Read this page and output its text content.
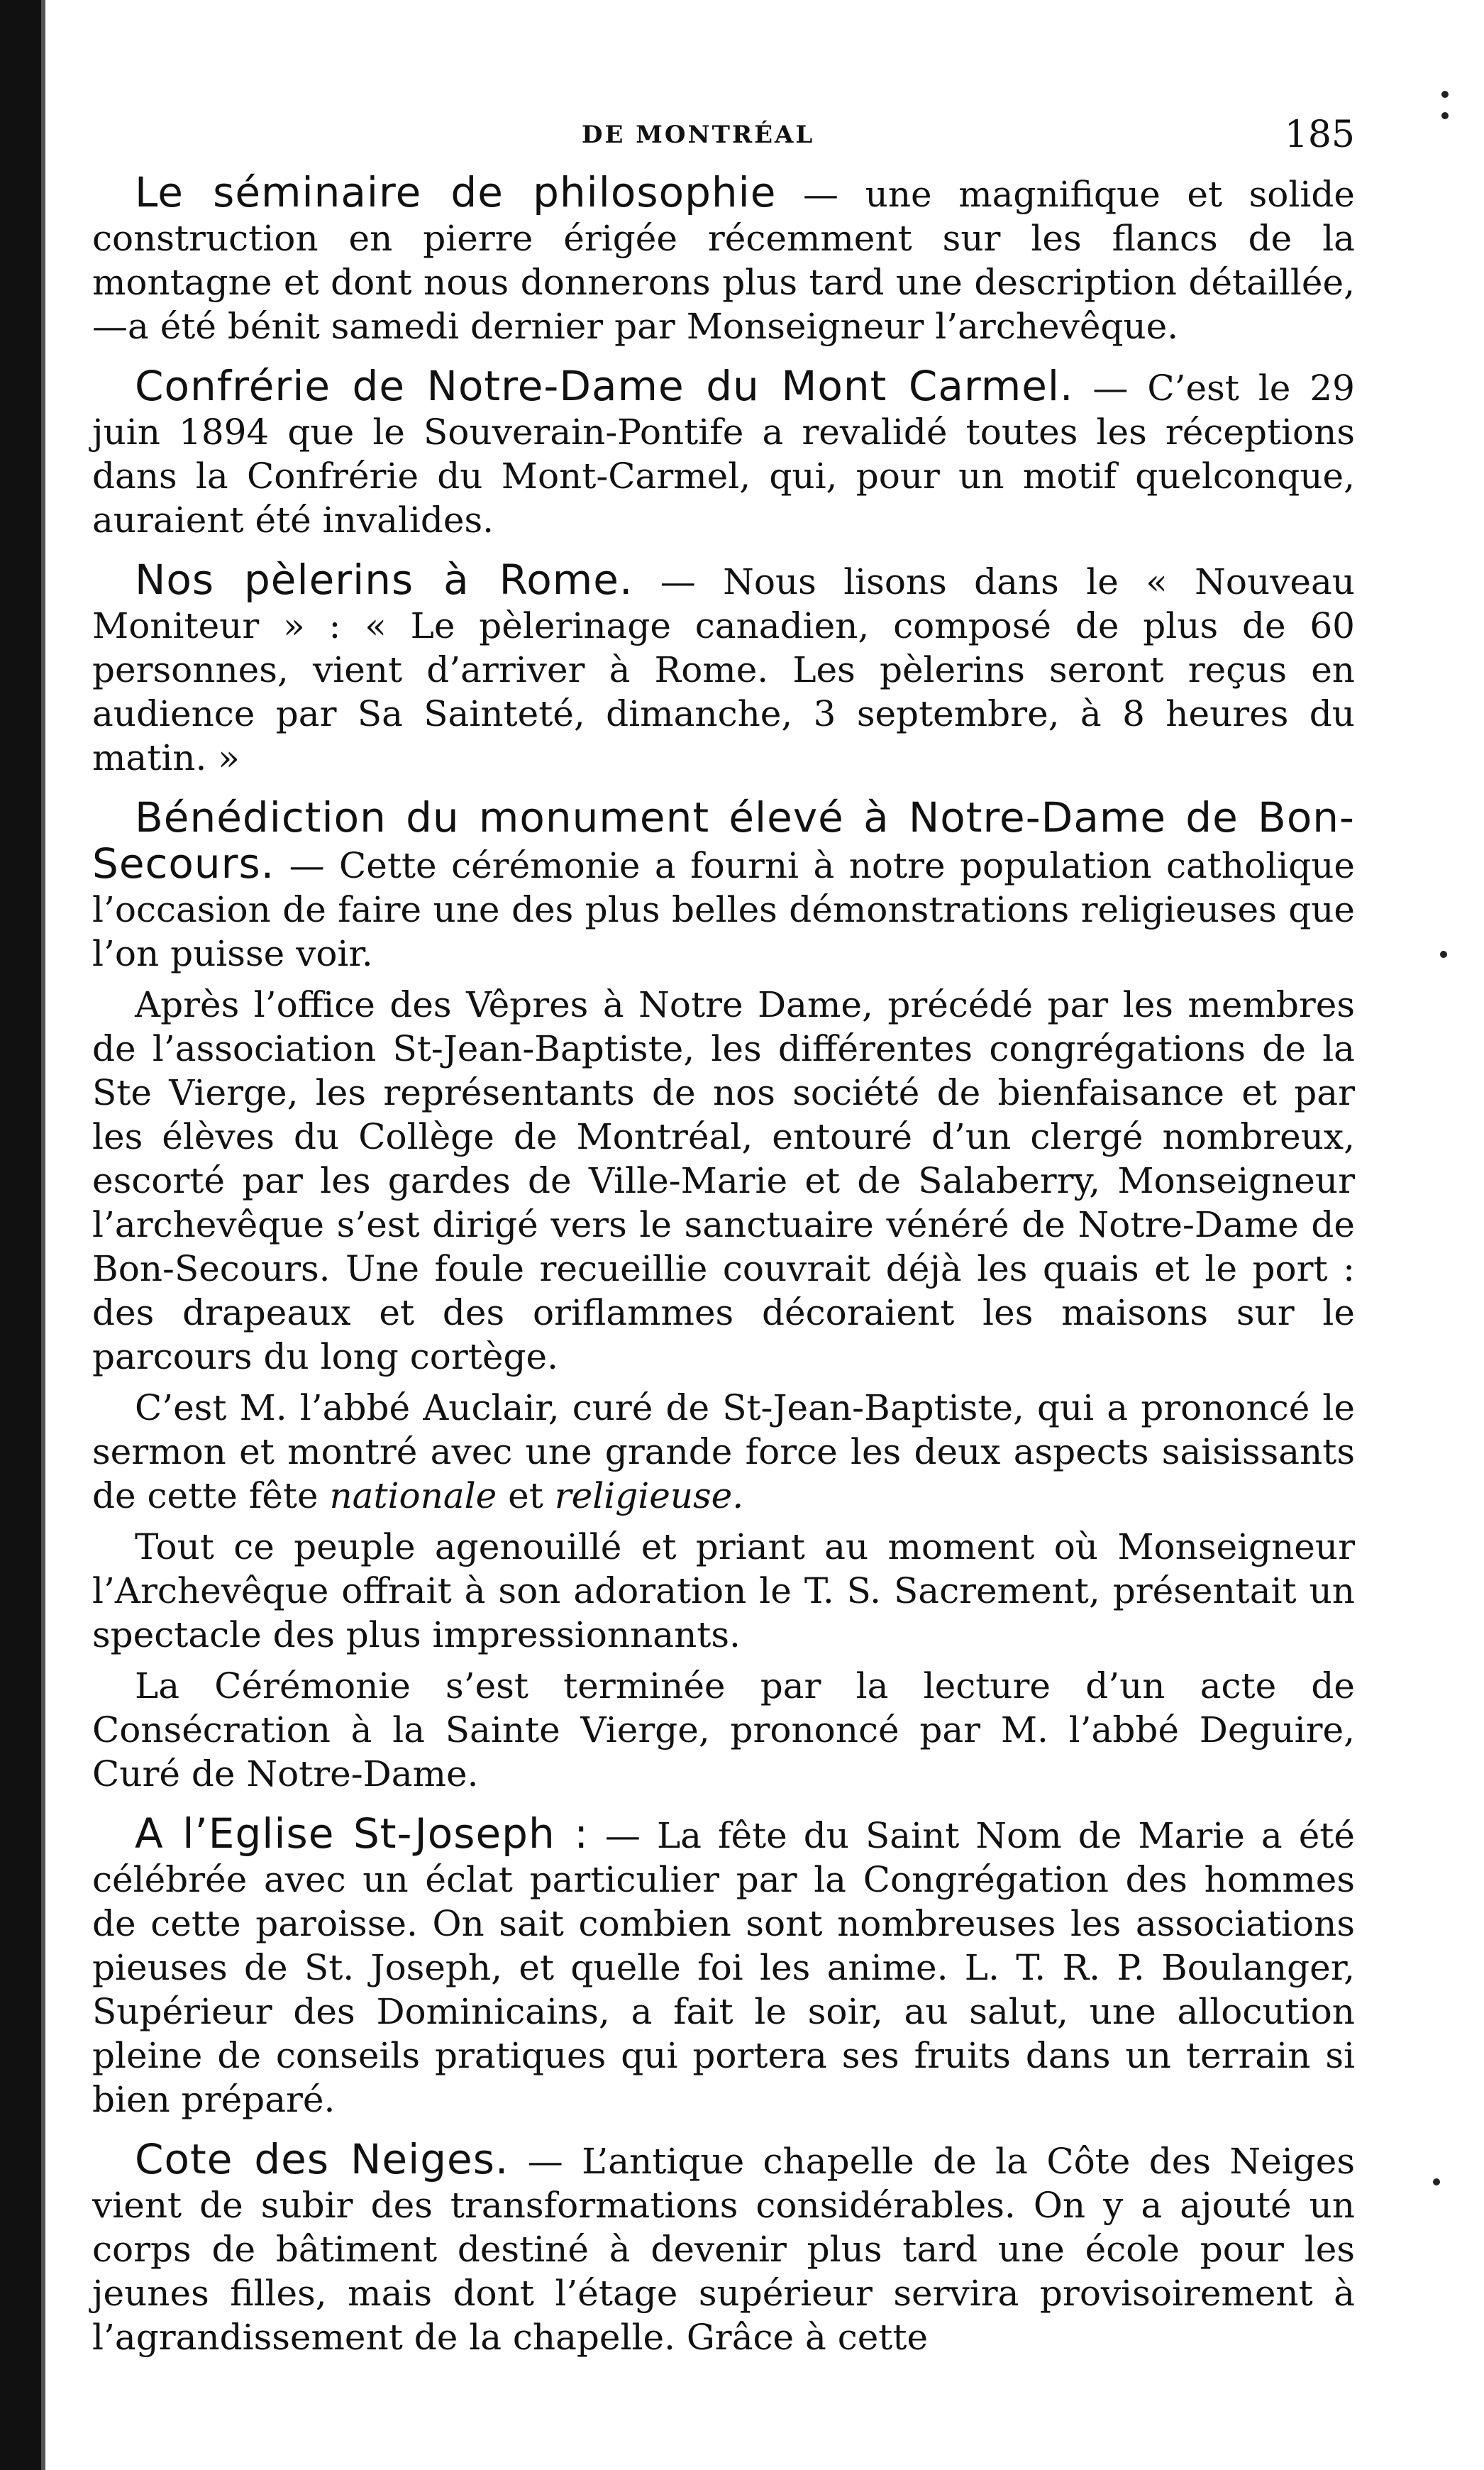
DE MONTRÉAL	185

Le séminaire de philosophie — une magnifique et solide construction en pierre érigée récemment sur les flancs de la montagne et dont nous donnerons plus tard une description détaillée, —a été bénit samedi dernier par Monseigneur l’archevêque.

Confrérie de Notre-Dame du Mont Carmel. — C’est le 29 juin 1894 que le Souverain-Pontife a revalidé toutes les réceptions dans la Confrérie du Mont-Carmel, qui, pour un motif quelconque, auraient été invalides.

Nos pèlerins à Rome. — Nous lisons dans le « Nouveau Moniteur » : « Le pèlerinage canadien, composé de plus de 60 personnes, vient d’arriver à Rome. Les pèlerins seront reçus en audience par Sa Sainteté, dimanche, 3 septembre, à 8 heures du matin. »

Bénédiction du monument élevé à Notre-Dame de Bon-Secours. — Cette cérémonie a fourni à notre population catholique l’occasion de faire une des plus belles démonstrations religieuses que l’on puisse voir.

Après l’office des Vêpres à Notre Dame, précédé par les membres de l’association St-Jean-Baptiste, les différentes congrégations de la Ste Vierge, les représentants de nos société de bienfaisance et par les élèves du Collège de Montréal, entouré d’un clergé nombreux, escorté par les gardes de Ville-Marie et de Salaberry, Monseigneur l’archevêque s’est dirigé vers le sanctuaire vénéré de Notre-Dame de Bon-Secours. Une foule recueillie couvrait déjà les quais et le port : des drapeaux et des oriflammes décoraient les maisons sur le parcours du long cortège.

C’est M. l’abbé Auclair, curé de St-Jean-Baptiste, qui a prononcé le sermon et montré avec une grande force les deux aspects saisissants de cette fête nationale et religieuse.

Tout ce peuple agenouillé et priant au moment où Monseigneur l’Archevêque offrait à son adoration le T. S. Sacrement, présentait un spectacle des plus impressionnants.

La Cérémonie s’est terminée par la lecture d’un acte de Consécration à la Sainte Vierge, prononcé par M. l’abbé Deguire, Curé de Notre-Dame.

A l’Eglise St-Joseph : — La fête du Saint Nom de Marie a été célébrée avec un éclat particulier par la Congrégation des hommes de cette paroisse. On sait combien sont nombreuses les associations pieuses de St. Joseph, et quelle foi les anime. L. T. R. P. Boulanger, Supérieur des Dominicains, a fait le soir, au salut, une allocution pleine de conseils pratiques qui portera ses fruits dans un terrain si bien préparé.

Cote des Neiges. — L’antique chapelle de la Côte des Neiges vient de subir des transformations considérables. On y a ajouté un corps de bâtiment destiné à devenir plus tard une école pour les jeunes filles, mais dont l’étage supérieur servira provisoirement à l’agrandissement de la chapelle. Grâce à cette
